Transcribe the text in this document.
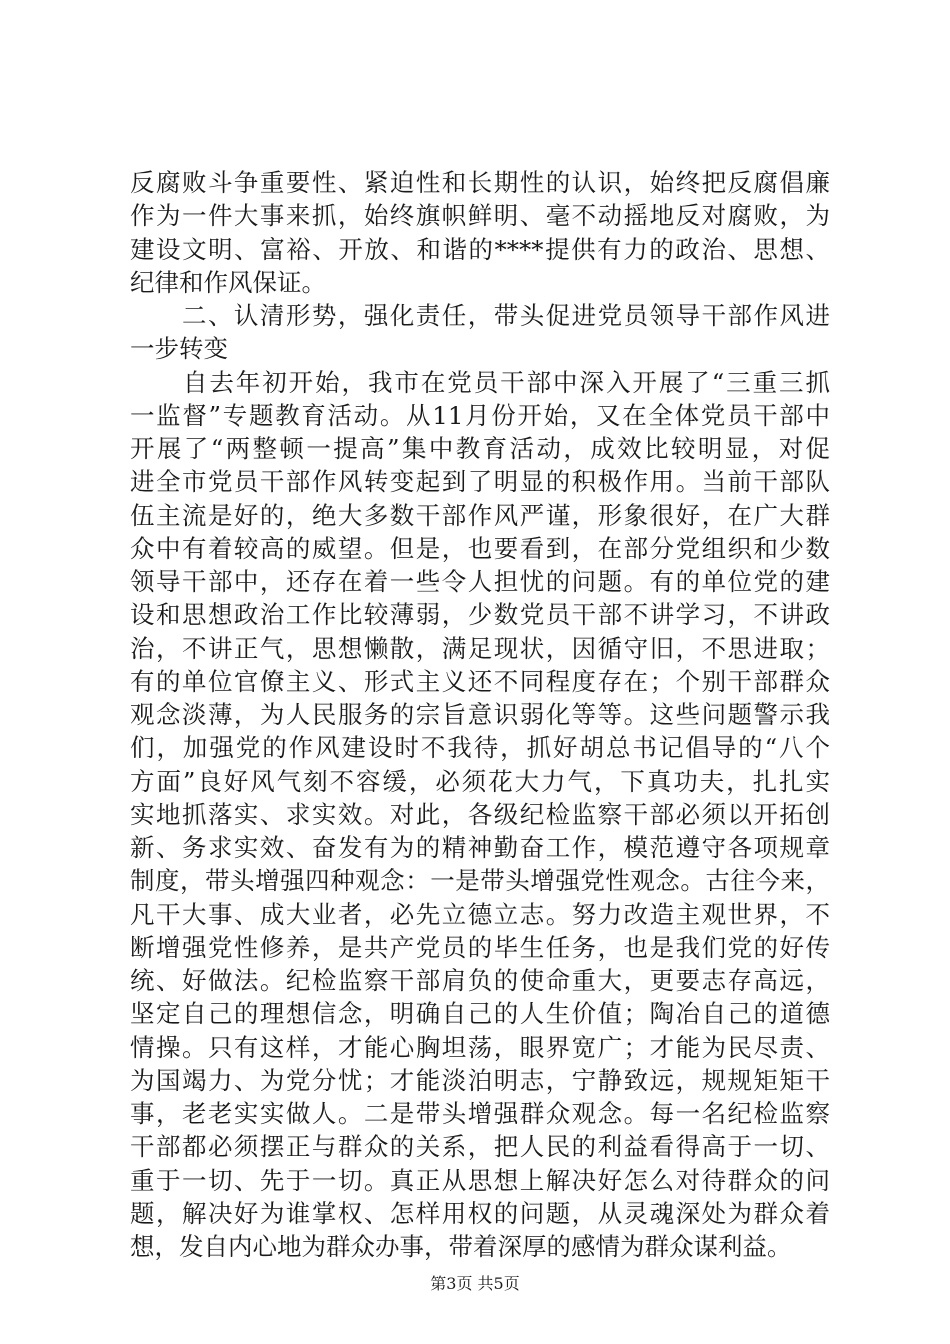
反腐败斗争重要性、紧迫性和长期性的认识，始终把反腐倡廉
作为一件大事来抓，始终旗帜鲜明、毫不动摇地反对腐败，为
建设文明、富裕、开放、和谐的****提供有力的政治、思想、
纪律和作风保证。
　　二、认清形势，强化责任，带头促进党员领导干部作风进
一步转变
　　自去年初开始，我市在党员干部中深入开展了“三重三抓
一监督”专题教育活动。从11月份开始，又在全体党员干部中
开展了“两整顿一提高”集中教育活动，成效比较明显，对促
进全市党员干部作风转变起到了明显的积极作用。当前干部队
伍主流是好的，绝大多数干部作风严谨，形象很好，在广大群
众中有着较高的威望。但是，也要看到，在部分党组织和少数
领导干部中，还存在着一些令人担忧的问题。有的单位党的建
设和思想政治工作比较薄弱，少数党员干部不讲学习，不讲政
治，不讲正气，思想懒散，满足现状，因循守旧，不思进取；
有的单位官僚主义、形式主义还不同程度存在；个别干部群众
观念淡薄，为人民服务的宗旨意识弱化等等。这些问题警示我
们，加强党的作风建设时不我待，抓好胡总书记倡导的“八个
方面”良好风气刻不容缓，必须花大力气，下真功夫，扎扎实
实地抓落实、求实效。对此，各级纪检监察干部必须以开拓创
新、务求实效、奋发有为的精神勤奋工作，模范遵守各项规章
制度，带头增强四种观念：一是带头增强党性观念。古往今来，
凡干大事、成大业者，必先立德立志。努力改造主观世界，不
断增强党性修养，是共产党员的毕生任务，也是我们党的好传
统、好做法。纪检监察干部肩负的使命重大，更要志存高远，
坚定自己的理想信念，明确自己的人生价值；陶冶自己的道德
情操。只有这样，才能心胸坦荡，眼界宽广；才能为民尽责、
为国竭力、为党分忧；才能淡泊明志，宁静致远，规规矩矩干
事，老老实实做人。二是带头增强群众观念。每一名纪检监察
干部都必须摆正与群众的关系，把人民的利益看得高于一切、
重于一切、先于一切。真正从思想上解决好怎么对待群众的问
题，解决好为谁掌权、怎样用权的问题，从灵魂深处为群众着
想，发自内心地为群众办事，带着深厚的感情为群众谋利益。
第3页 共5页
